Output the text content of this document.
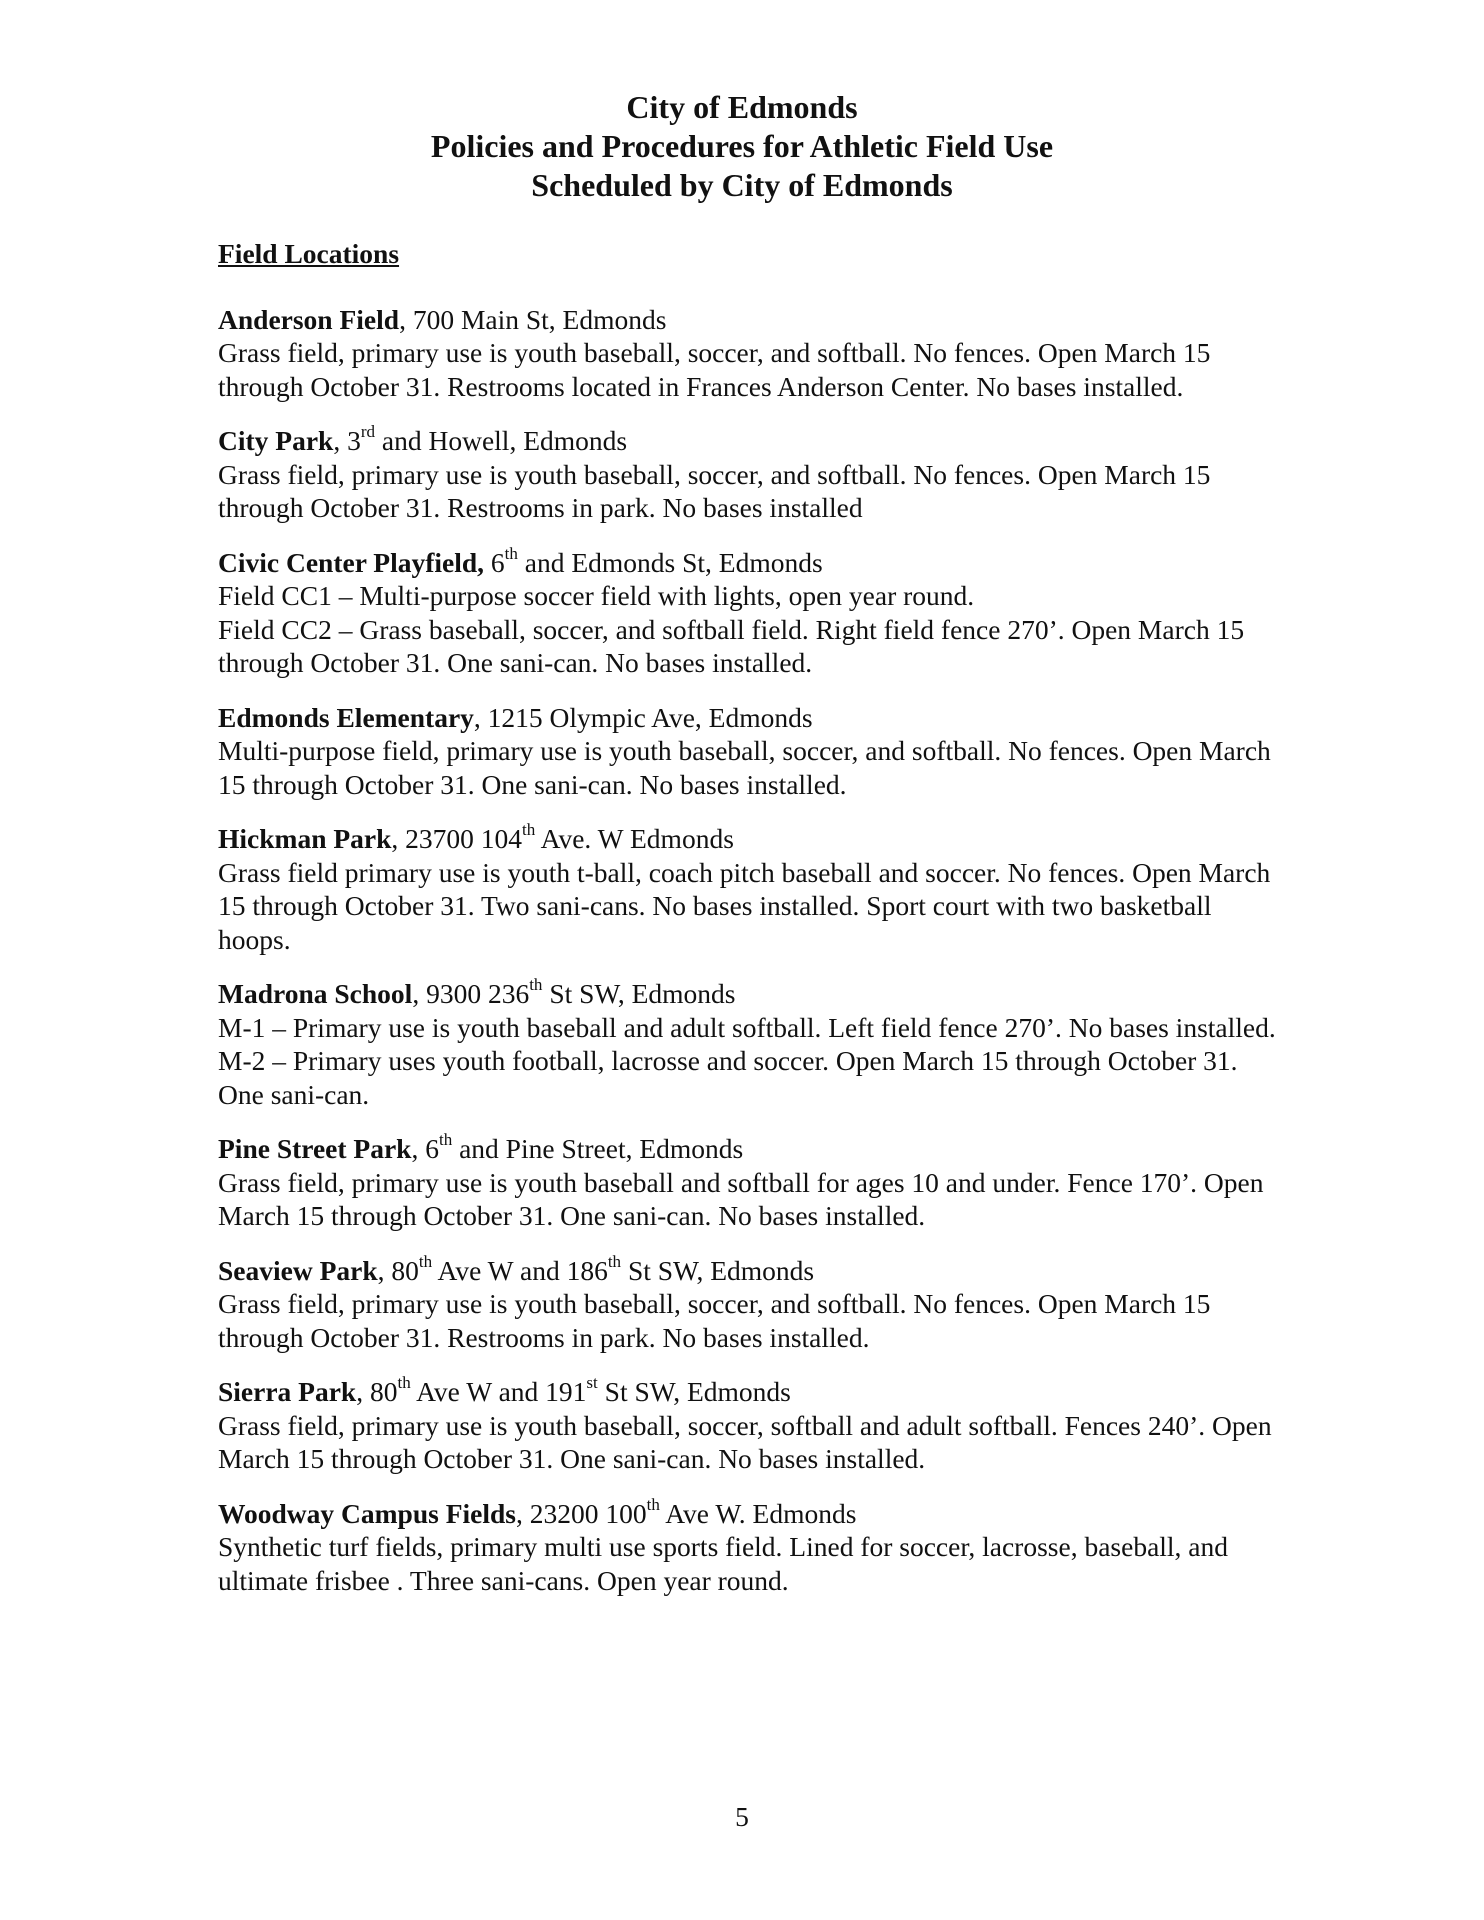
City of Edmonds
Policies and Procedures for Athletic Field Use
Scheduled by City of Edmonds
Field Locations
Anderson Field, 700 Main St, Edmonds
Grass field, primary use is youth baseball, soccer, and softball. No fences. Open March 15 through October 31. Restrooms located in Frances Anderson Center. No bases installed.
City Park, 3rd and Howell, Edmonds
Grass field, primary use is youth baseball, soccer, and softball. No fences. Open March 15 through October 31. Restrooms in park. No bases installed
Civic Center Playfield, 6th and Edmonds St, Edmonds
Field CC1 – Multi-purpose soccer field with lights, open year round.
Field CC2 – Grass baseball, soccer, and softball field. Right field fence 270’. Open March 15 through October 31. One sani-can. No bases installed.
Edmonds Elementary, 1215 Olympic Ave, Edmonds
Multi-purpose field, primary use is youth baseball, soccer, and softball. No fences. Open March 15 through October 31. One sani-can. No bases installed.
Hickman Park, 23700 104th Ave. W Edmonds
Grass field primary use is youth t-ball, coach pitch baseball and soccer. No fences. Open March 15 through October 31. Two sani-cans. No bases installed. Sport court with two basketball hoops.
Madrona School, 9300 236th St SW, Edmonds
M-1 – Primary use is youth baseball and adult softball. Left field fence 270’. No bases installed.
M-2 – Primary uses youth football, lacrosse and soccer. Open March 15 through October 31. One sani-can.
Pine Street Park, 6th and Pine Street, Edmonds
Grass field, primary use is youth baseball and softball for ages 10 and under. Fence 170’. Open March 15 through October 31. One sani-can. No bases installed.
Seaview Park, 80th Ave W and 186th St SW, Edmonds
Grass field, primary use is youth baseball, soccer, and softball. No fences. Open March 15 through October 31. Restrooms in park. No bases installed.
Sierra Park, 80th Ave W and 191st St SW, Edmonds
Grass field, primary use is youth baseball, soccer, softball and adult softball. Fences 240’. Open March 15 through October 31. One sani-can. No bases installed.
Woodway Campus Fields, 23200 100th Ave W. Edmonds
Synthetic turf fields, primary multi use sports field. Lined for soccer, lacrosse, baseball, and ultimate frisbee . Three sani-cans. Open year round.
5
